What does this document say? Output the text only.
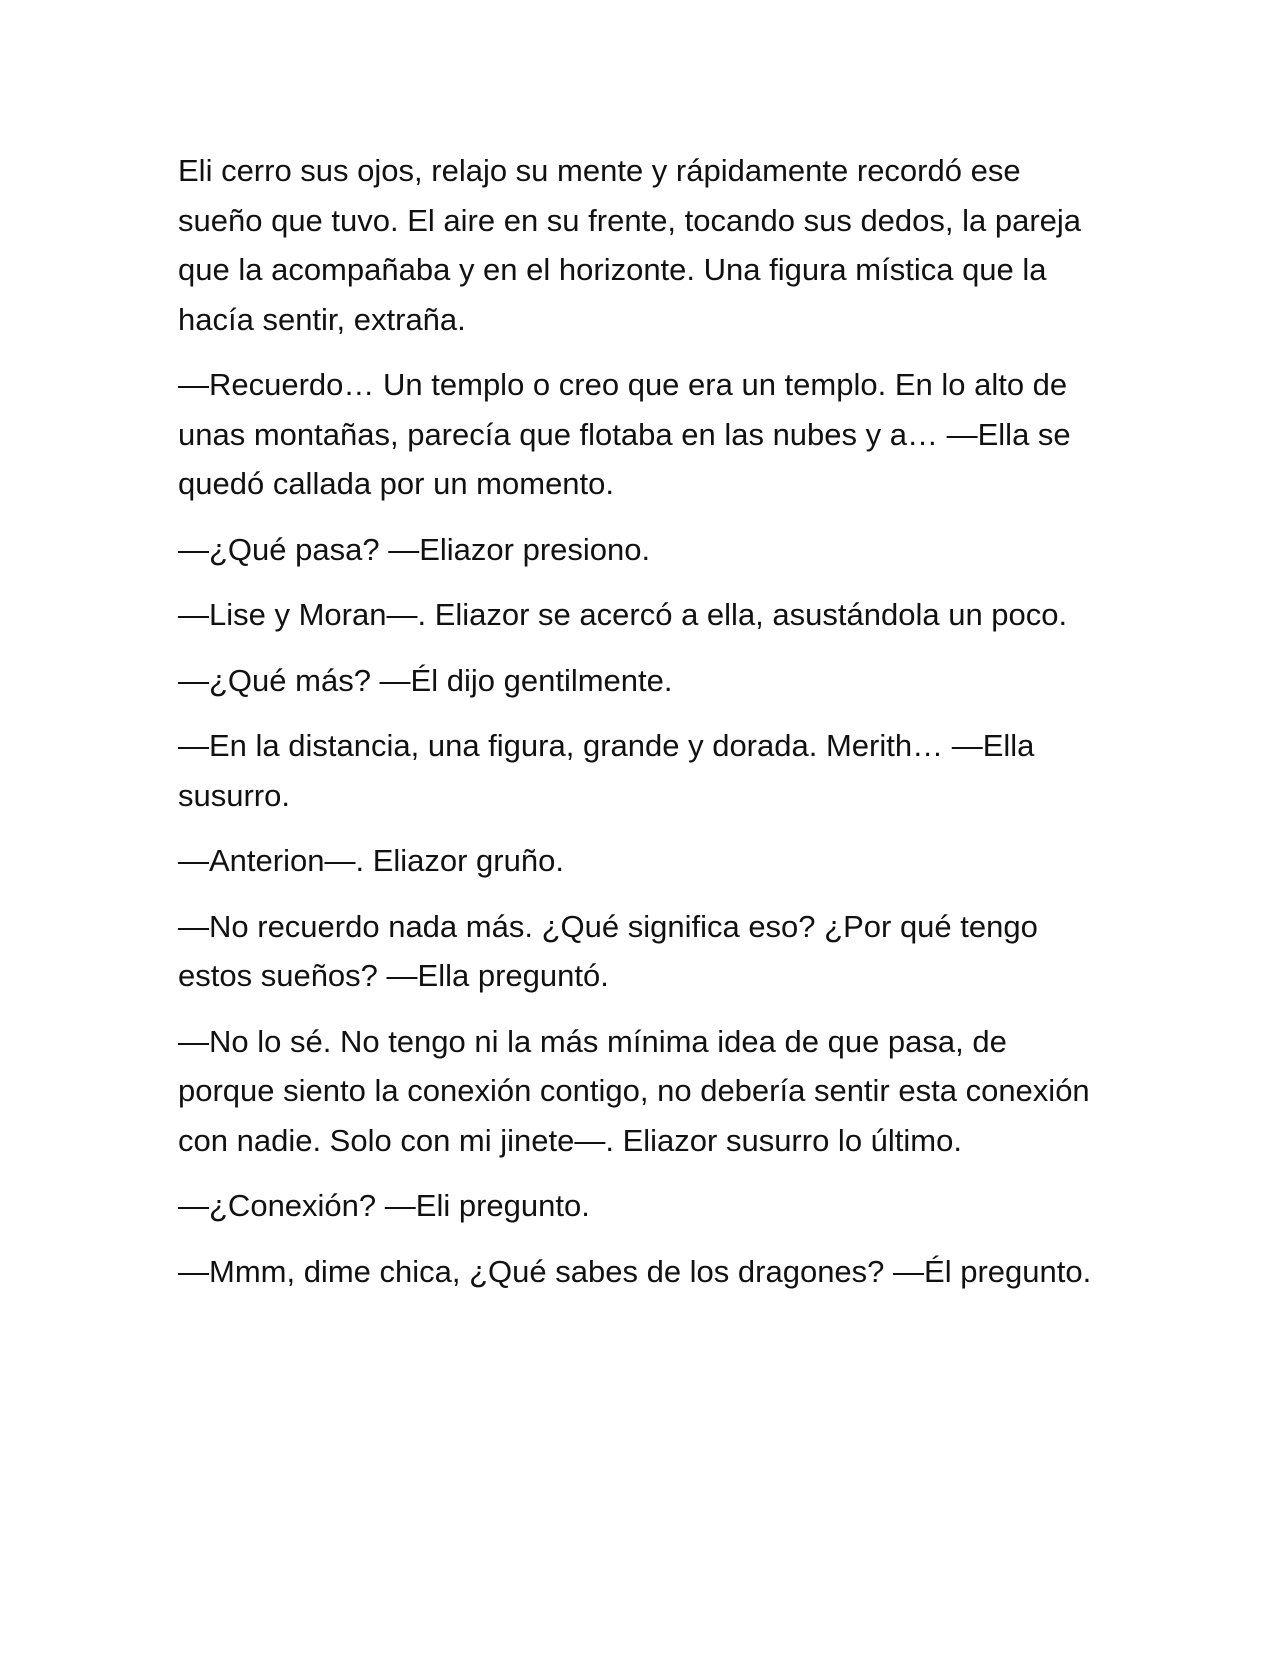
Eli cerro sus ojos, relajo su mente y rápidamente recordó ese sueño que tuvo. El aire en su frente, tocando sus dedos, la pareja que la acompañaba y en el horizonte. Una figura mística que la hacía sentir, extraña.

—Recuerdo… Un templo o creo que era un templo. En lo alto de unas montañas, parecía que flotaba en las nubes y a… —Ella se quedó callada por un momento.

—¿Qué pasa? —Eliazor presiono.

—Lise y Moran—. Eliazor se acercó a ella, asustándola un poco.

—¿Qué más? —Él dijo gentilmente.

—En la distancia, una figura, grande y dorada. Merith… —Ella susurro.

—Anterion—. Eliazor gruño.

—No recuerdo nada más. ¿Qué significa eso? ¿Por qué tengo estos sueños? —Ella preguntó.

—No lo sé. No tengo ni la más mínima idea de que pasa, de porque siento la conexión contigo, no debería sentir esta conexión con nadie. Solo con mi jinete—. Eliazor susurro lo último.

—¿Conexión? —Eli pregunto.

—Mmm, dime chica, ¿Qué sabes de los dragones? —Él pregunto.
